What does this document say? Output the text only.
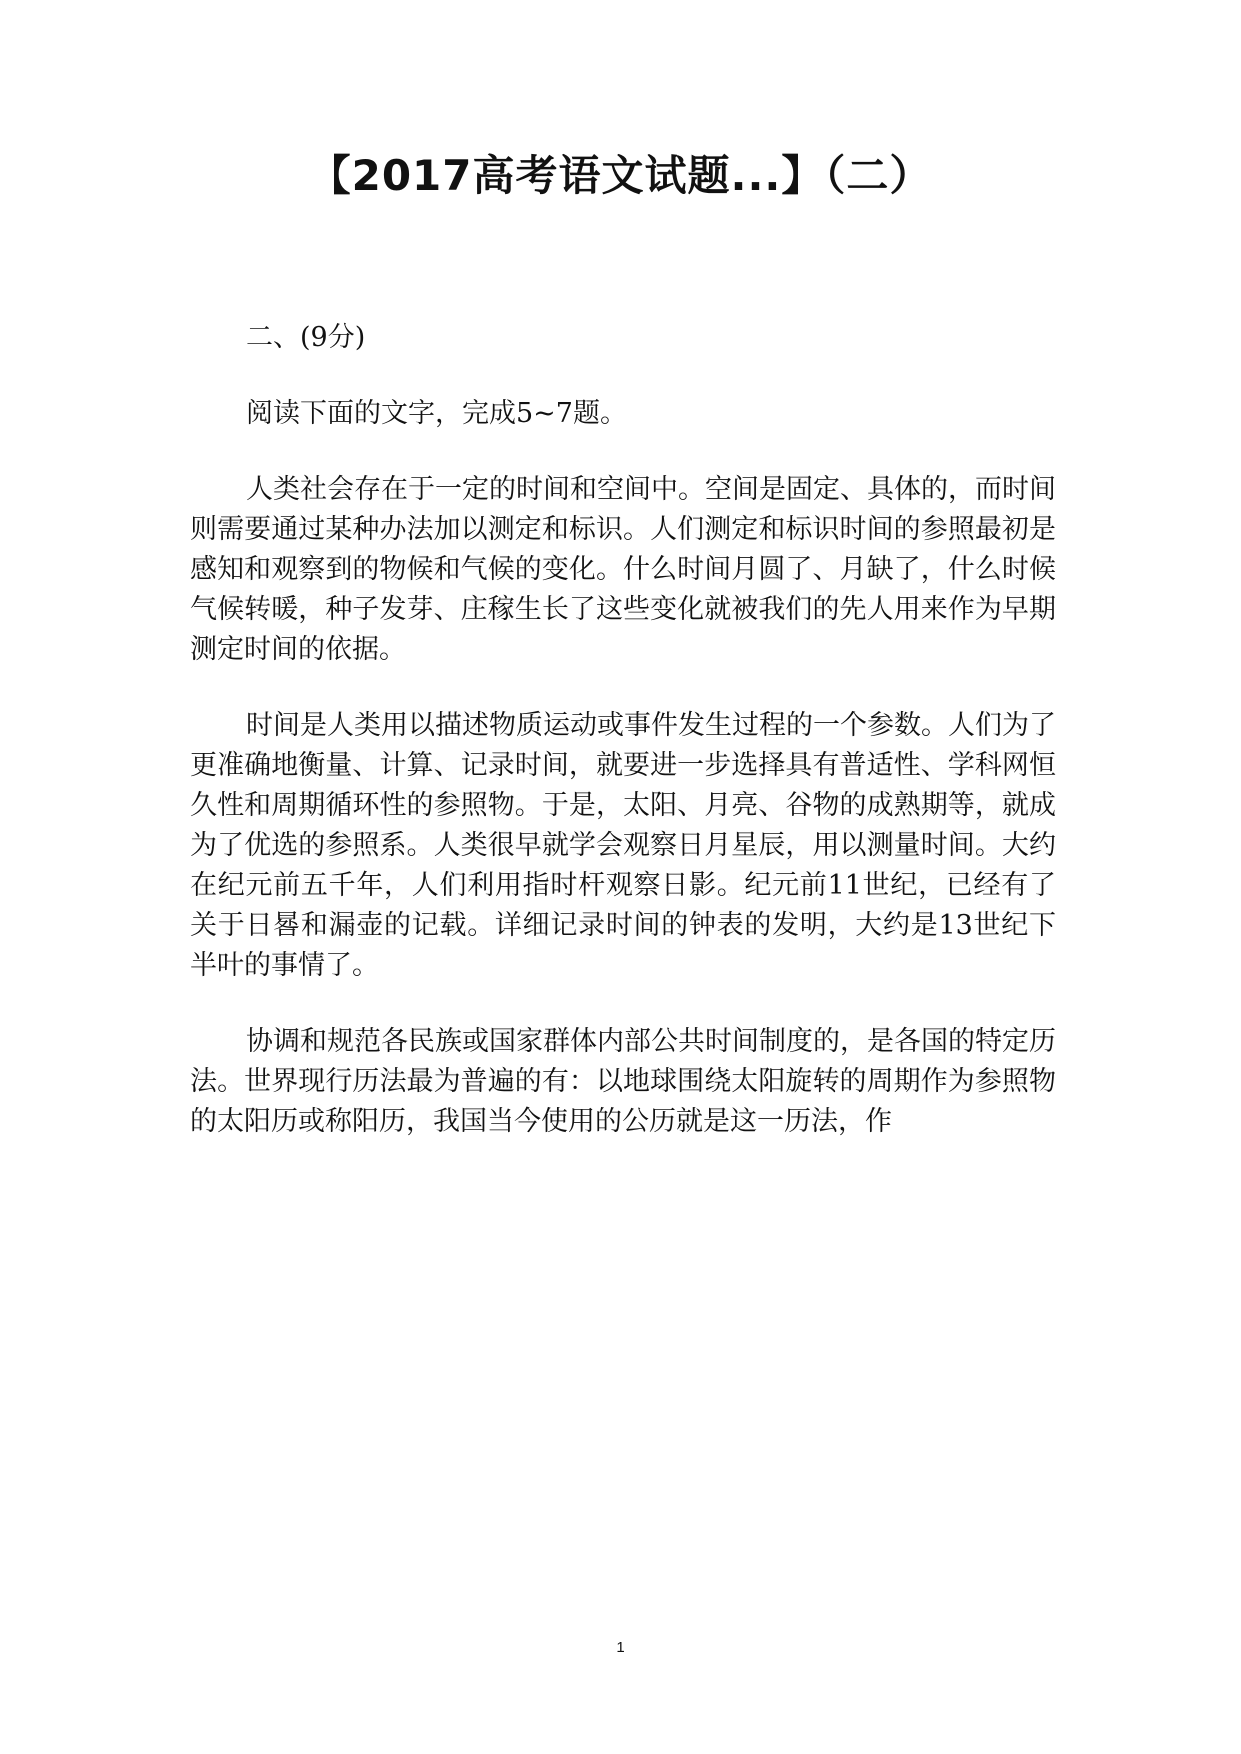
【2017高考语文试题...】（二）

二、(9分)

阅读下面的文字，完成5~7题。

人类社会存在于一定的时间和空间中。空间是固定、具体的，而时间则需要通过某种办法加以测定和标识。人们测定和标识时间的参照最初是感知和观察到的物候和气候的变化。什么时间月圆了、月缺了，什么时候气候转暖，种子发芽、庄稼生长了这些变化就被我们的先人用来作为早期测定时间的依据。

时间是人类用以描述物质运动或事件发生过程的一个参数。人们为了更准确地衡量、计算、记录时间，就要进一步选择具有普适性、学科网恒久性和周期循环性的参照物。于是，太阳、月亮、谷物的成熟期等，就成为了优选的参照系。人类很早就学会观察日月星辰，用以测量时间。大约在纪元前五千年，人们利用指时杆观察日影。纪元前11世纪，已经有了关于日晷和漏壶的记载。详细记录时间的钟表的发明，大约是13世纪下半叶的事情了。

协调和规范各民族或国家群体内部公共时间制度的，是各国的特定历法。世界现行历法最为普遍的有：以地球围绕太阳旋转的周期作为参照物的太阳历或称阳历，我国当今使用的公历就是这一历法，作

1
